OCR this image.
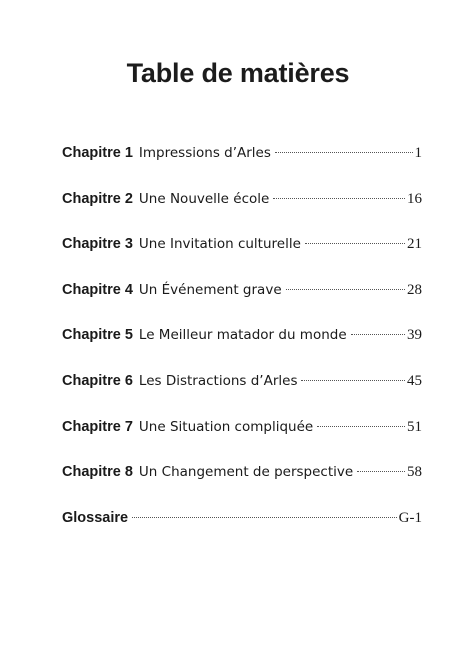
Table de matières
Chapitre 1 Impressions d’Arles	1
Chapitre 2 Une Nouvelle école	16
Chapitre 3 Une Invitation culturelle	21
Chapitre 4 Un Événement grave	28
Chapitre 5 Le Meilleur matador du monde	39
Chapitre 6 Les Distractions d’Arles	45
Chapitre 7 Une Situation compliquée	51
Chapitre 8 Un Changement de perspective	58
Glossaire	G-1
